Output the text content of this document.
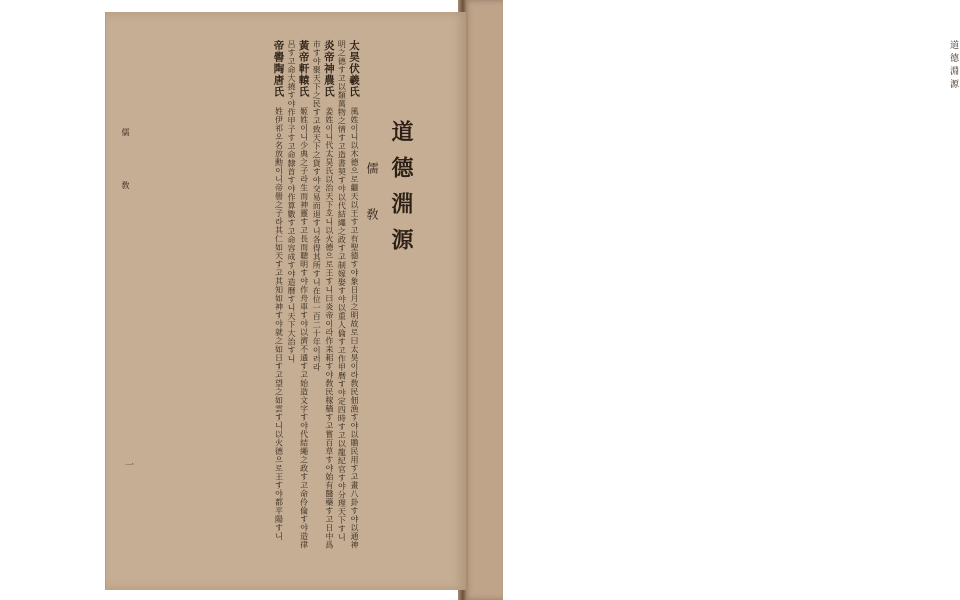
道德淵源
道德淵源
儒 敎
儒 敎
一
太昊伏羲氏 風姓이니以木德으로繼天以王す고有聖德す야象日月之明故로曰太昊이라敎民佃漁す야以贍民用す고畫八卦す야以通神明之德す고以類萬物之情す고造書契す야以代結繩之政す고制嫁娶す야以重人倫す고作甲曆す야定四時す고以龍紀官す야分理天下す니
炎帝神農氏 姜姓이니代太昊氏以治天下호니以火德으로王す니曰炎帝이라作耒耜す야敎民稼穡す고嘗百草す야始有醫藥す고日中爲市す야聚天下之民す고致天下之貨す야交易而退す니各得其所す니在位一百二十年이러라
黃帝軒轅氏 姬姓이니少典之子라生而神靈す고長而聰明す야作舟車す야以濟不通す고始造文字す야代結繩之政す고命伶倫す야造律呂す고命大撓す야作甲子す고命隸首す야作算數す고命容成す야造曆す니天下大治す니
帝嚳陶唐氏 姓伊祁오名放勳이니帝嚳之子라其仁如天す고其知如神す야就之如日す고望之如雲す니以火德으로王す야都平陽す니
